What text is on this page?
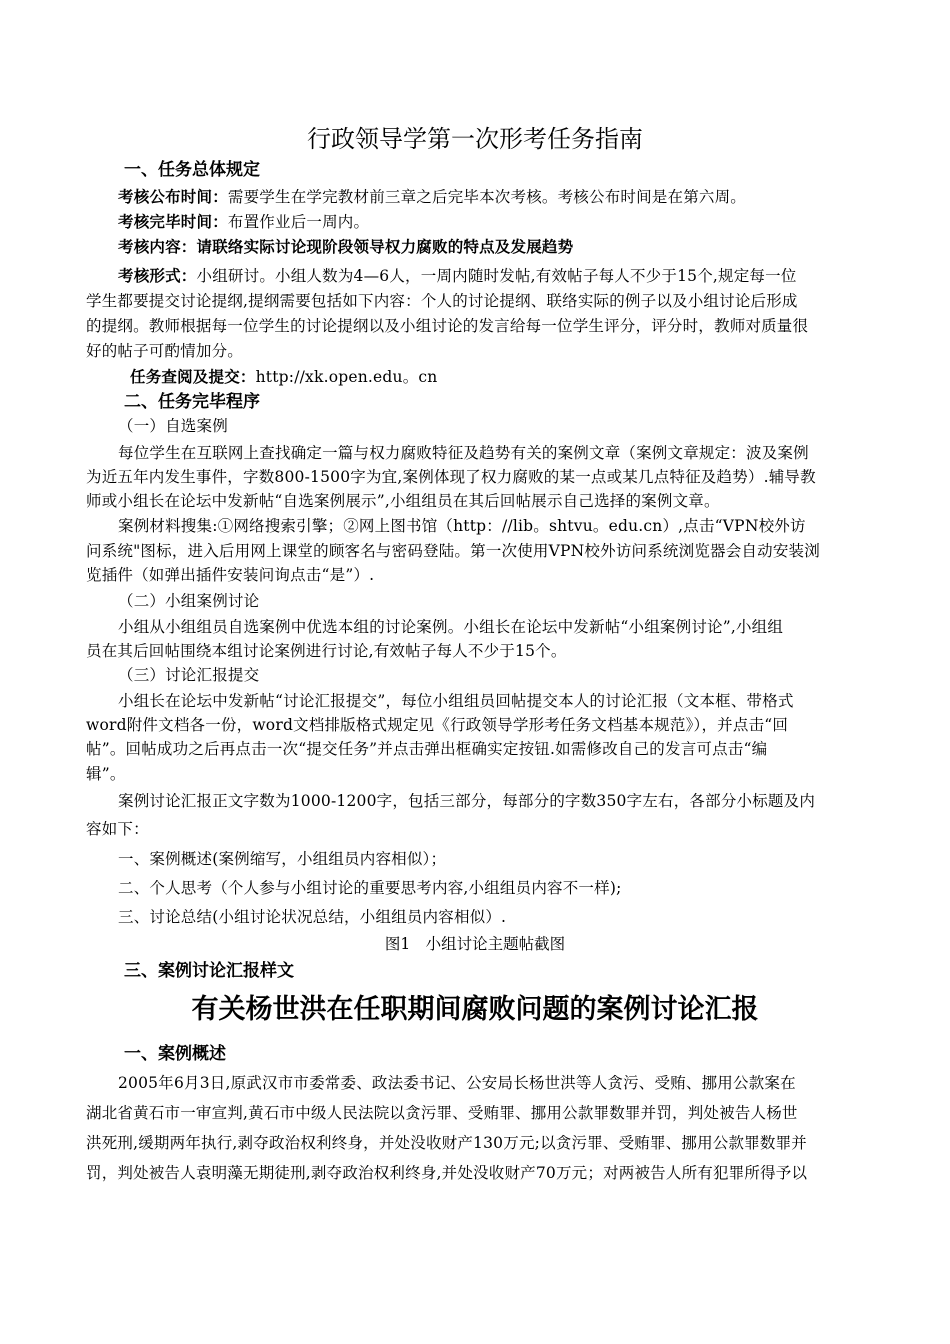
行政领导学第一次形考任务指南
一、任务总体规定
考核公布时间：需要学生在学完教材前三章之后完毕本次考核。考核公布时间是在第六周。
考核完毕时间：布置作业后一周内。
考核内容：请联络实际讨论现阶段领导权力腐败的特点及发展趋势
考核形式：小组研讨。小组人数为4—6人，一周内随时发帖,有效帖子每人不少于15个,规定每一位
学生都要提交讨论提纲,提纲需要包括如下内容：个人的讨论提纲、联络实际的例子以及小组讨论后形成
的提纲。教师根据每一位学生的讨论提纲以及小组讨论的发言给每一位学生评分，评分时，教师对质量很
好的帖子可酌情加分。
任务查阅及提交：http://xk.open.edu。cn
二、任务完毕程序
（一）自选案例
每位学生在互联网上查找确定一篇与权力腐败特征及趋势有关的案例文章（案例文章规定：波及案例
为近五年内发生事件，字数800-1500字为宜,案例体现了权力腐败的某一点或某几点特征及趋势）.辅导教
师或小组长在论坛中发新帖“自选案例展示”,小组组员在其后回帖展示自己选择的案例文章。
案例材料搜集:①网络搜索引擎；②网上图书馆（http：//lib。shtvu。edu.cn）,点击“VPN校外访
问系统"图标，进入后用网上课堂的顾客名与密码登陆。第一次使用VPN校外访问系统浏览器会自动安装浏
览插件（如弹出插件安装问询点击“是”）.
（二）小组案例讨论
小组从小组组员自选案例中优选本组的讨论案例。小组长在论坛中发新帖“小组案例讨论”,小组组
员在其后回帖围绕本组讨论案例进行讨论,有效帖子每人不少于15个。
（三）讨论汇报提交
小组长在论坛中发新帖“讨论汇报提交”，每位小组组员回帖提交本人的讨论汇报（文本框、带格式
word附件文档各一份，word文档排版格式规定见《行政领导学形考任务文档基本规范》），并点击“回
帖”。回帖成功之后再点击一次“提交任务”并点击弹出框确实定按钮.如需修改自己的发言可点击“编
辑”。
案例讨论汇报正文字数为1000-1200字，包括三部分，每部分的字数350字左右，各部分小标题及内
容如下：
一、案例概述(案例缩写，小组组员内容相似）；
二、个人思考（个人参与小组讨论的重要思考内容,小组组员内容不一样);
三、讨论总结(小组讨论状况总结，小组组员内容相似）.
图1　小组讨论主题帖截图
三、案例讨论汇报样文
有关杨世洪在任职期间腐败问题的案例讨论汇报
一、案例概述
2005年6月3日,原武汉市市委常委、政法委书记、公安局长杨世洪等人贪污、受贿、挪用公款案在
湖北省黄石市一审宣判,黄石市中级人民法院以贪污罪、受贿罪、挪用公款罪数罪并罚，判处被告人杨世
洪死刑,缓期两年执行,剥夺政治权利终身，并处没收财产130万元;以贪污罪、受贿罪、挪用公款罪数罪并
罚，判处被告人袁明藻无期徒刑,剥夺政治权利终身,并处没收财产70万元；对两被告人所有犯罪所得予以
